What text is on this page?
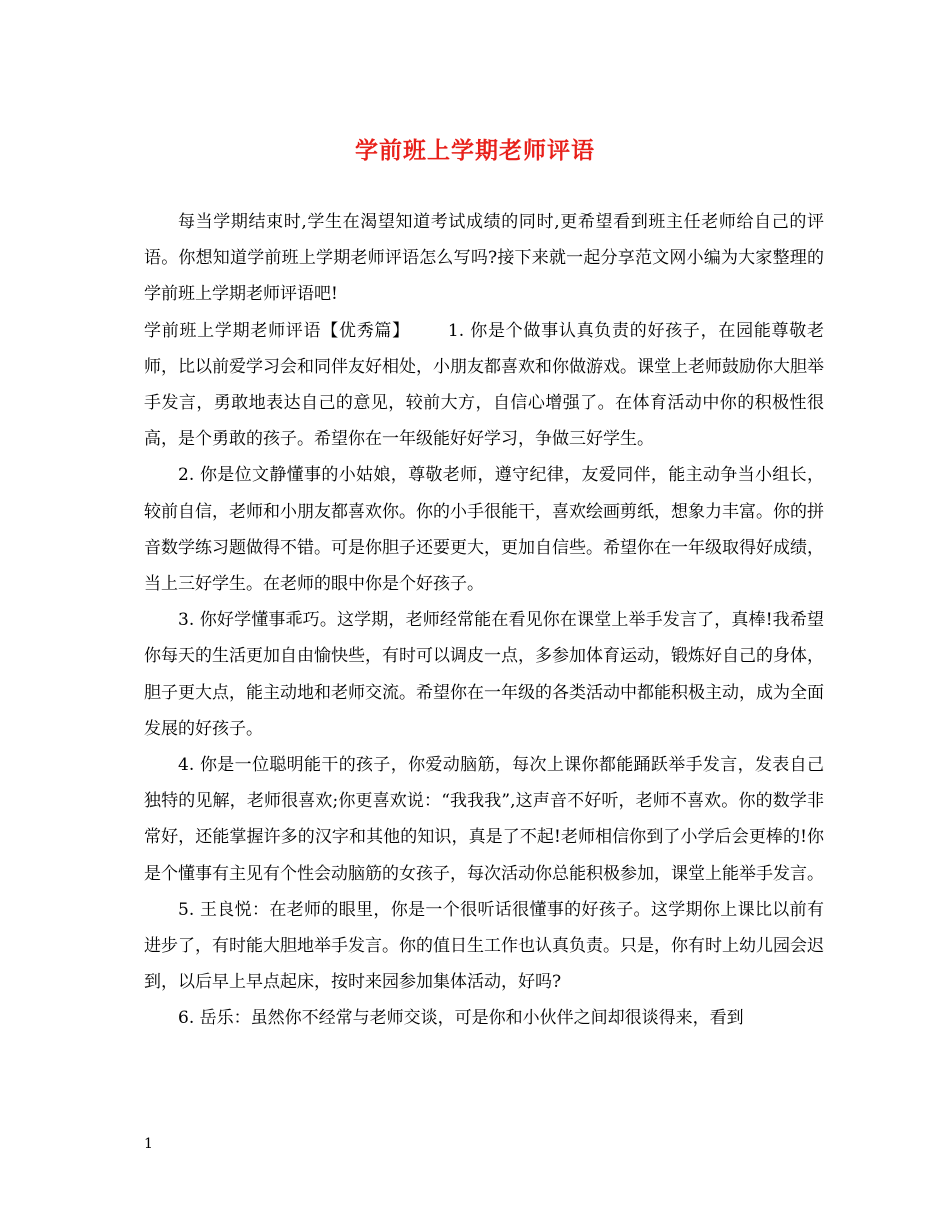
学前班上学期老师评语

每当学期结束时,学生在渴望知道考试成绩的同时,更希望看到班主任老师给自己的评语。你想知道学前班上学期老师评语怎么写吗?接下来就一起分享范文网小编为大家整理的学前班上学期老师评语吧!

学前班上学期老师评语【优秀篇】 1. 你是个做事认真负责的好孩子，在园能尊敬老师，比以前爱学习会和同伴友好相处，小朋友都喜欢和你做游戏。课堂上老师鼓励你大胆举手发言，勇敢地表达自己的意见，较前大方，自信心增强了。在体育活动中你的积极性很高，是个勇敢的孩子。希望你在一年级能好好学习，争做三好学生。

2. 你是位文静懂事的小姑娘，尊敬老师，遵守纪律，友爱同伴，能主动争当小组长，较前自信，老师和小朋友都喜欢你。你的小手很能干，喜欢绘画剪纸，想象力丰富。你的拼音数学练习题做得不错。可是你胆子还要更大，更加自信些。希望你在一年级取得好成绩，当上三好学生。在老师的眼中你是个好孩子。

3. 你好学懂事乖巧。这学期，老师经常能在看见你在课堂上举手发言了，真棒!我希望你每天的生活更加自由愉快些，有时可以调皮一点，多参加体育运动，锻炼好自己的身体，胆子更大点，能主动地和老师交流。希望你在一年级的各类活动中都能积极主动，成为全面发展的好孩子。

4. 你是一位聪明能干的孩子，你爱动脑筋，每次上课你都能踊跃举手发言，发表自己独特的见解，老师很喜欢;你更喜欢说：“我我我”,这声音不好听，老师不喜欢。你的数学非常好，还能掌握许多的汉字和其他的知识，真是了不起!老师相信你到了小学后会更棒的!你是个懂事有主见有个性会动脑筋的女孩子，每次活动你总能积极参加，课堂上能举手发言。

5. 王良悦：在老师的眼里，你是一个很听话很懂事的好孩子。这学期你上课比以前有进步了，有时能大胆地举手发言。你的值日生工作也认真负责。只是，你有时上幼儿园会迟到，以后早上早点起床，按时来园参加集体活动，好吗?

6. 岳乐：虽然你不经常与老师交谈，可是你和小伙伴之间却很谈得来，看到

1
